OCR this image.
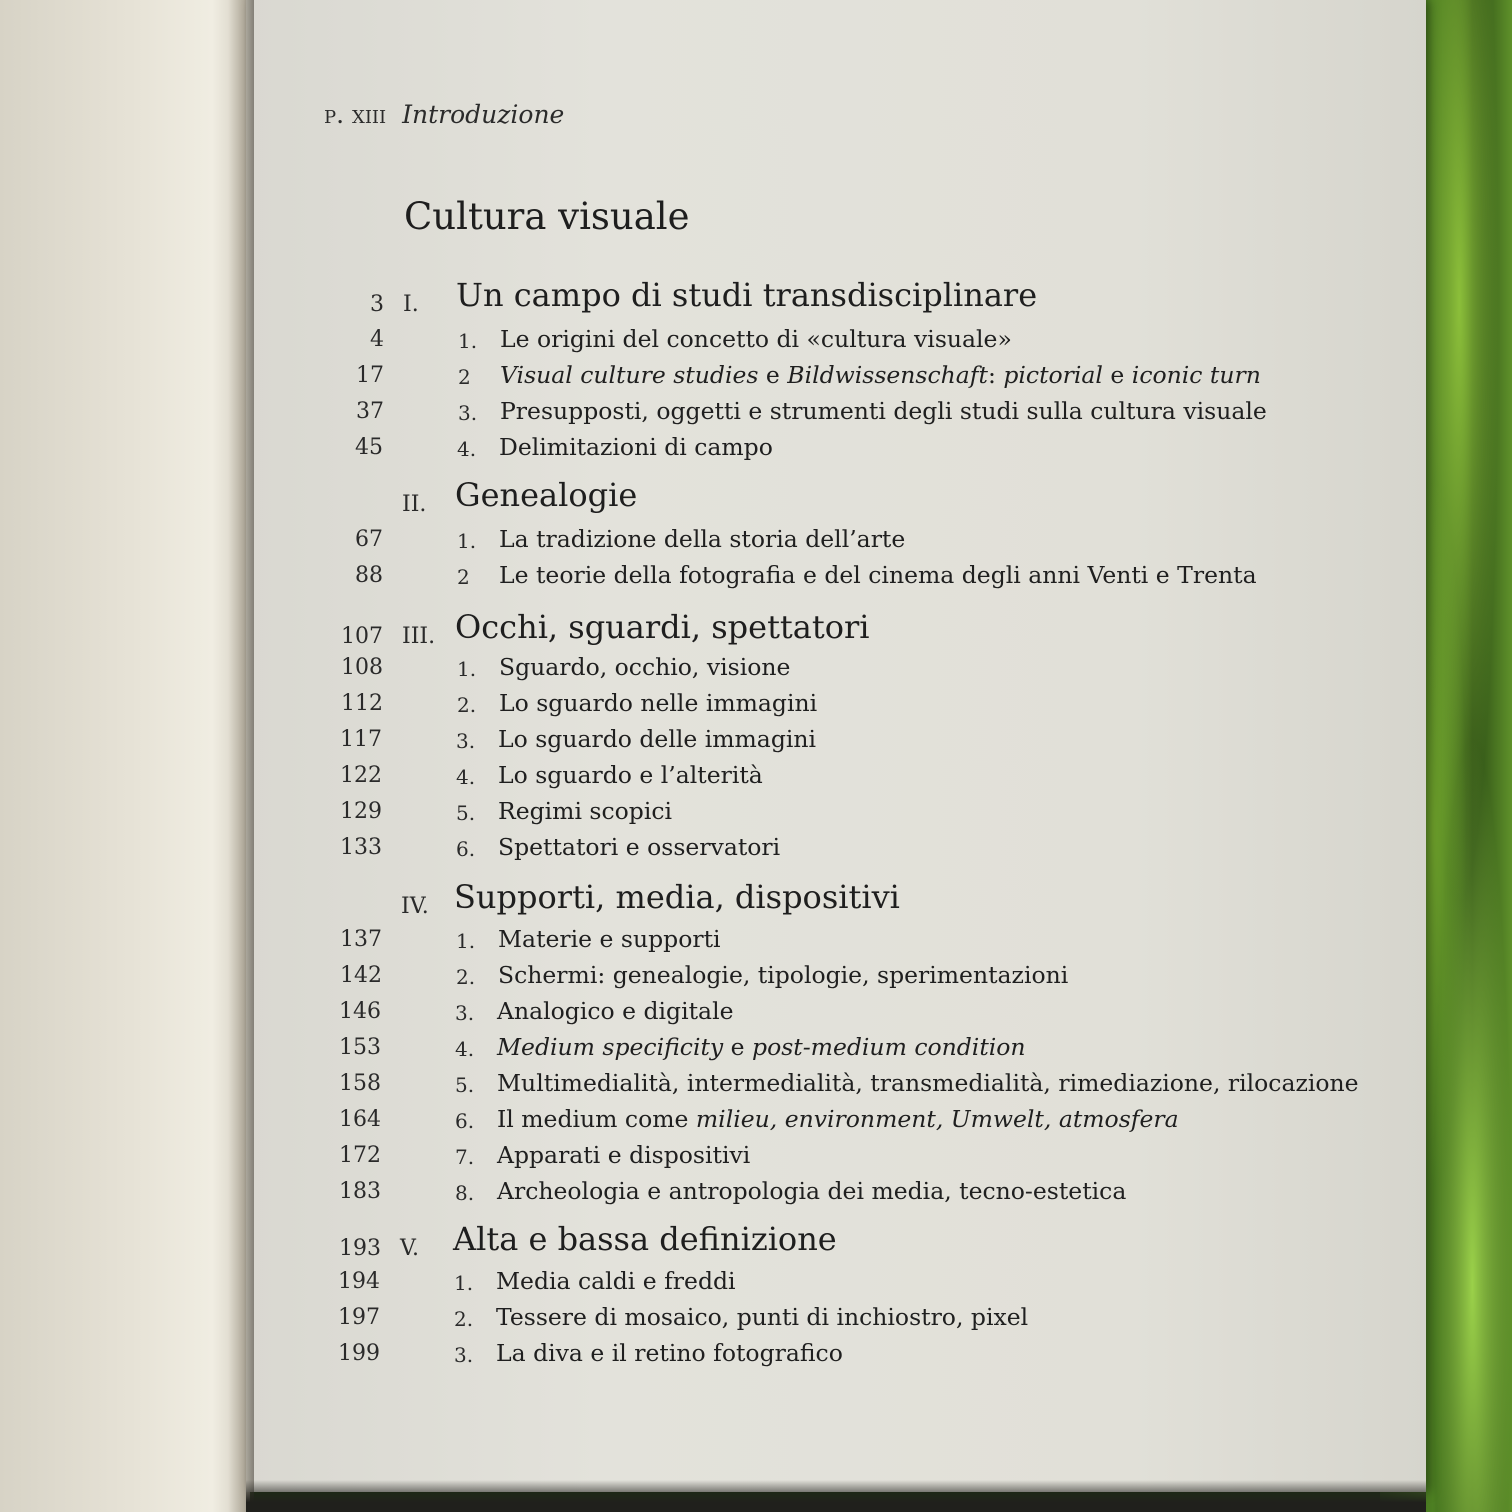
p. xiii Introduzione
Cultura visuale
3 I.	Un campo di studi transdisciplinare
4	1. Le origini del concetto di «cultura visuale»
17	2 Visual culture studies e Bildwissenschaft: pictorial e iconic turn
37	3. Presupposti, oggetti e strumenti degli studi sulla cultura visuale
45	4. Delimitazioni di campo
II. Genealogie
67	1. La tradizione della storia dell’arte
88	2 Le teorie della fotografia e del cinema degli anni Venti e Trenta
107 III. Occhi, sguardi, spettatori
108	1. Sguardo, occhio, visione
112	2. Lo sguardo nelle immagini
117	3. Lo sguardo delle immagini
122	4. Lo sguardo e l’alterità
129	5. Regimi scopici
133	6. Spettatori e osservatori
IV. Supporti, media, dispositivi
137	1. Materie e supporti
142	2. Schermi: genealogie, tipologie, sperimentazioni
146	3. Analogico e digitale
153	4. Medium specificity e post-medium condition
158	5. Multimedialità, intermedialità, transmedialità, rimediazione, rilocazione
164	6. Il medium come milieu, environment, Umwelt, atmosfera
172	7. Apparati e dispositivi
183	8. Archeologia e antropologia dei media, tecno-estetica
193 V.	Alta e bassa definizione
194	1. Media caldi e freddi
197	2. Tessere di mosaico, punti di inchiostro, pixel
199	3. La diva e il retino fotografico
